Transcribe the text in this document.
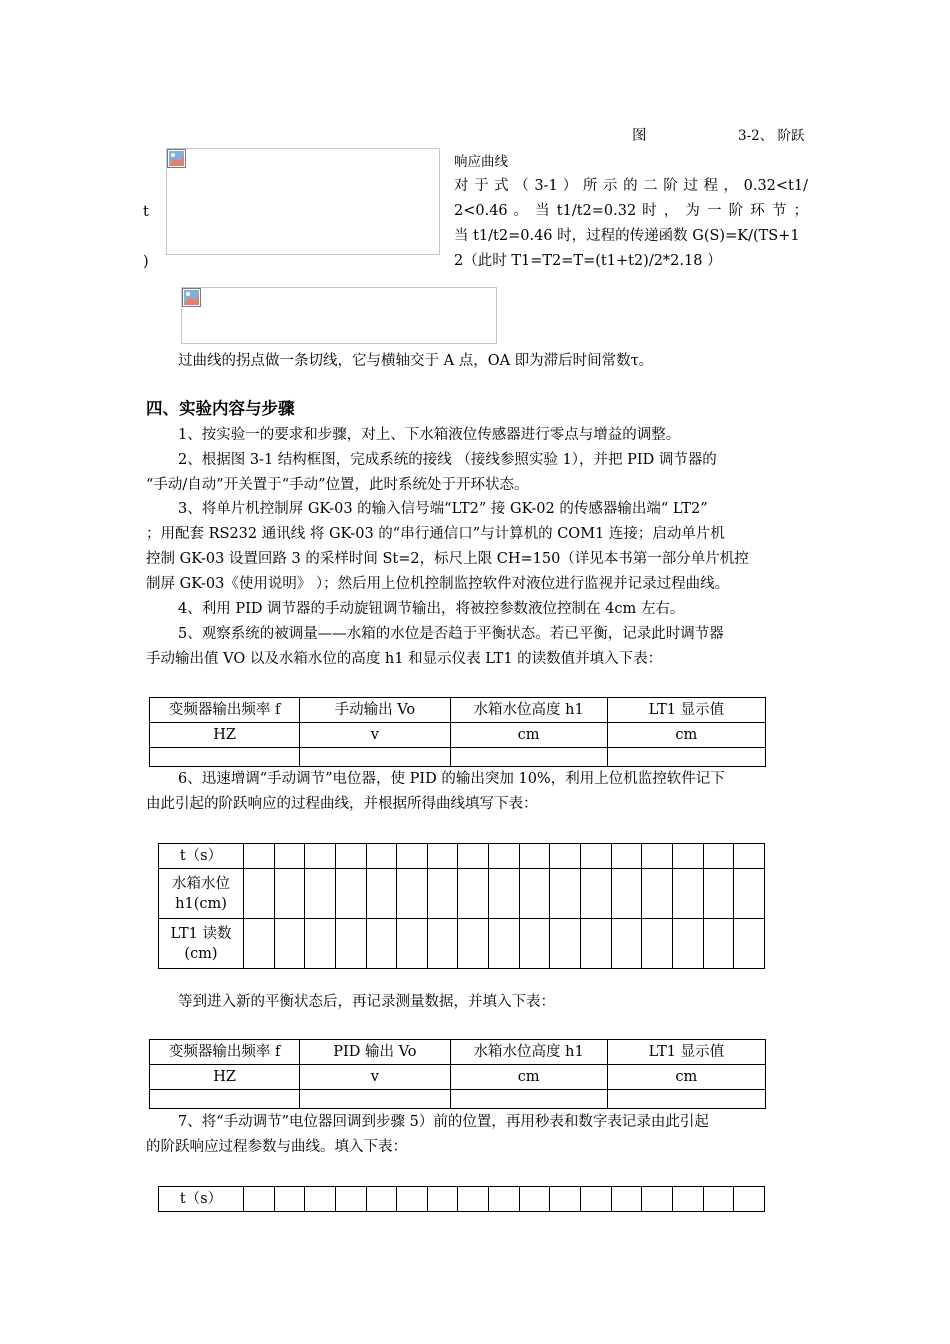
图	3-2、 阶跃
响应曲线
t
)
对 于 式 （ 3-1 ） 所 示 的 二 阶 过 程 ， 0.32<t1/
2<0.46 。 当 t1/t2=0.32 时 ， 为 一 阶 环 节 ；
当 t1/t2=0.46 时，过程的传递函数 G(S)=K/(TS+1
2（此时 T1=T2=T=(t1+t2)/2*2.18 ）
过曲线的拐点做一条切线，它与横轴交于 A 点，OA 即为滞后时间常数τ。
四、实验内容与步骤
1、按实验一的要求和步骤，对上、下水箱液位传感器进行零点与增益的调整。
2、根据图 3-1 结构框图，完成系统的接线 （接线参照实验 1），并把 PID 调节器的
“手动/自动”开关置于“手动”位置，此时系统处于开环状态。
3、将单片机控制屏 GK-03 的输入信号端“LT2” 接 GK-02 的传感器输出端“ LT2”
；用配套 RS232 通讯线 将 GK-03 的“串行通信口”与计算机的 COM1 连接；启动单片机
控制 GK-03 设置回路 3 的采样时间 St=2，标尺上限 CH=150（详见本书第一部分单片机控
制屏 GK-03《使用说明》 ）；然后用上位机控制监控软件对液位进行监视并记录过程曲线。
4、利用 PID 调节器的手动旋钮调节输出，将被控参数液位控制在 4cm 左右。
5、观察系统的被调量——水箱的水位是否趋于平衡状态。若已平衡，记录此时调节器
手动输出值 VO 以及水箱水位的高度 h1 和显示仪表 LT1 的读数值并填入下表：
变频器输出频率 f	手动输出 Vo	水箱水位高度 h1	LT1 显示值
HZ	v	cm	cm

6、迅速增调“手动调节”电位器，使 PID 的输出突加 10%，利用上位机监控软件记下
由此引起的阶跃响应的过程曲线，并根据所得曲线填写下表：
t（s）																	

水箱水位
h1(cm)																	

LT1 读数
(cm)																	

等到进入新的平衡状态后，再记录测量数据，并填入下表：
变频器输出频率 f	PID 输出 Vo	水箱水位高度 h1	LT1 显示值
HZ	v	cm	cm

7、将“手动调节”电位器回调到步骤 5）前的位置，再用秒表和数字表记录由此引起
的阶跃响应过程参数与曲线。填入下表：
t（s）																	
